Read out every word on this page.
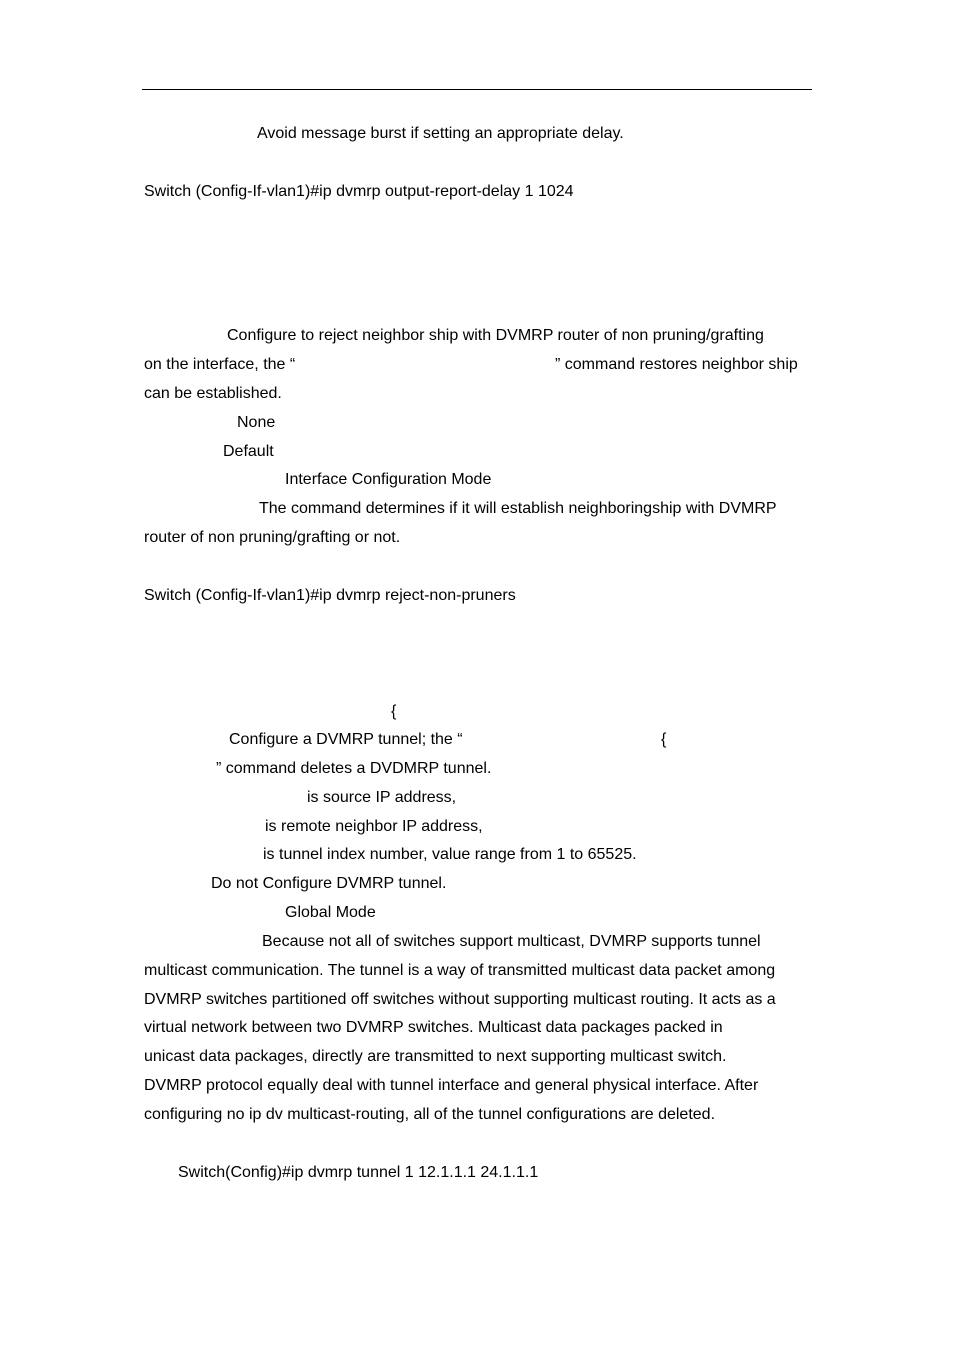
Avoid message burst if setting an appropriate delay.
Switch (Config-If-vlan1)#ip dvmrp output-report-delay 1 1024
Configure to reject neighbor ship with DVMRP router of non pruning/grafting
on the interface, the “	” command restores neighbor ship
can be established.
None
Default
Interface Configuration Mode
The command determines if it will establish neighboringship with DVMRP
router of non pruning/grafting or not.
Switch (Config-If-vlan1)#ip dvmrp reject-non-pruners
{
Configure a DVMRP tunnel; the “	{
” command deletes a DVDMRP tunnel.
is source IP address,
is remote neighbor IP address,
is tunnel index number, value range from 1 to 65525.
Do not Configure DVMRP tunnel.
Global Mode
Because not all of switches support multicast, DVMRP supports tunnel
multicast communication. The tunnel is a way of transmitted multicast data packet among
DVMRP switches partitioned off switches without supporting multicast routing. It acts as a
virtual network between two DVMRP switches. Multicast data packages packed in
unicast data packages, directly are transmitted to next supporting multicast switch.
DVMRP protocol equally deal with tunnel interface and general physical interface. After
configuring no ip dv multicast-routing, all of the tunnel configurations are deleted.
Switch(Config)#ip dvmrp tunnel 1 12.1.1.1 24.1.1.1
